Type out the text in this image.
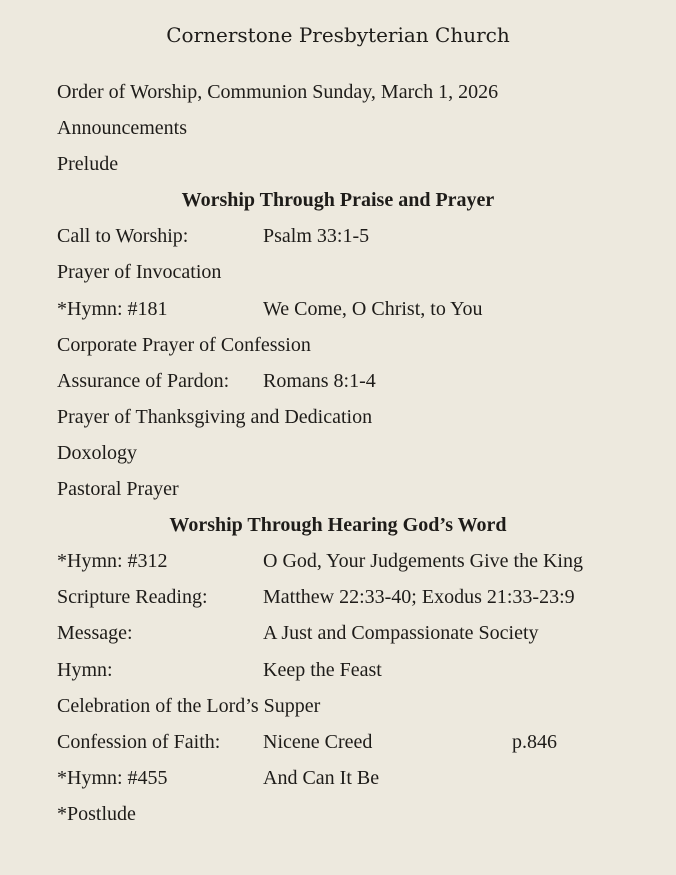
Cornerstone Presbyterian Church
Order of Worship, Communion Sunday, March 1, 2026
Announcements
Prelude
Worship Through Praise and Prayer
Call to Worship:	Psalm 33:1-5
Prayer of Invocation
*Hymn: #181	We Come, O Christ, to You
Corporate Prayer of Confession
Assurance of Pardon:	Romans 8:1-4
Prayer of Thanksgiving and Dedication
Doxology
Pastoral Prayer
Worship Through Hearing God’s Word
*Hymn: #312	O God, Your Judgements Give the King
Scripture Reading:	Matthew 22:33-40; Exodus 21:33-23:9
Message:	A Just and Compassionate Society
Hymn:	Keep the Feast
Celebration of the Lord’s Supper
Confession of Faith:	Nicene Creed	p.846
*Hymn: #455	And Can It Be
*Postlude
